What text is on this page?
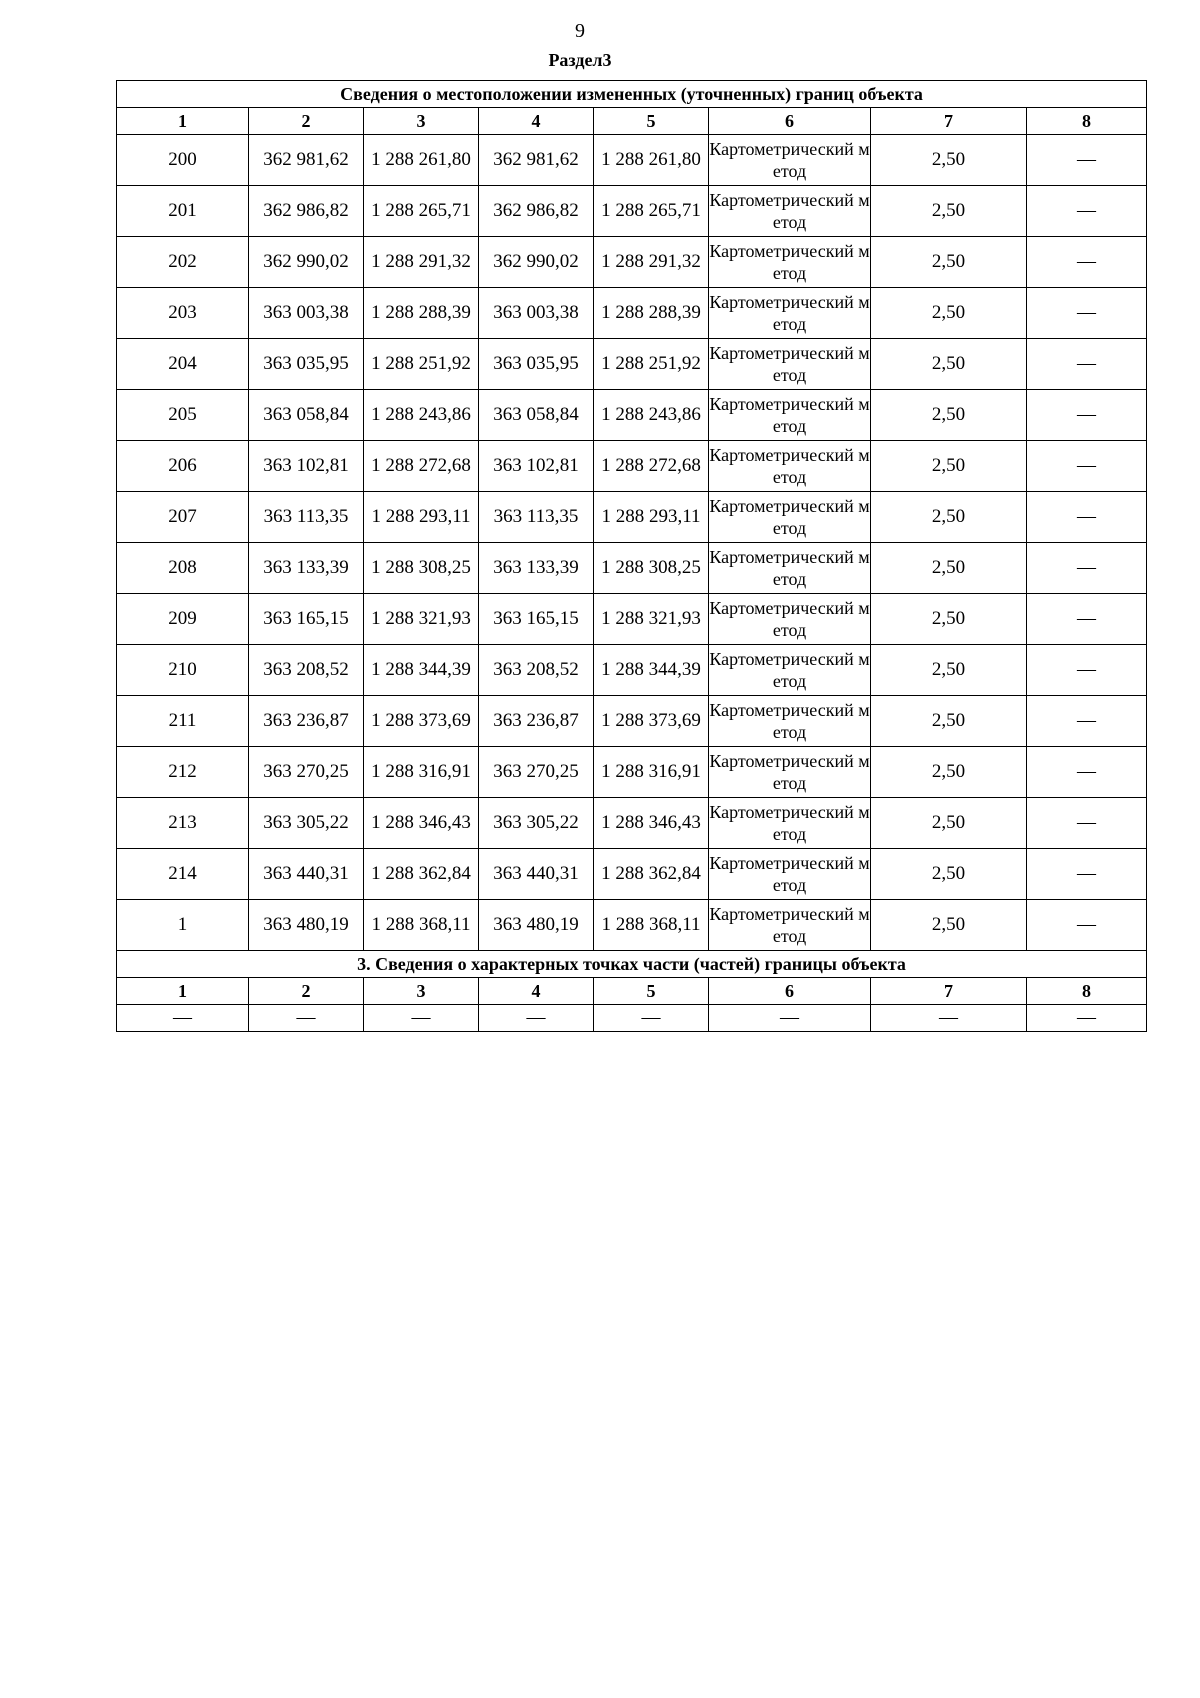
9
Раздел3
Сведения о местоположении измененных (уточненных) границ объекта							
1	2	3	4	5	6	7	8
200	362 981,62	1 288 261,80	362 981,62	1 288 261,80	Картометрический метод	2,50	—
201	362 986,82	1 288 265,71	362 986,82	1 288 265,71	Картометрический метод	2,50	—
202	362 990,02	1 288 291,32	362 990,02	1 288 291,32	Картометрический метод	2,50	—
203	363 003,38	1 288 288,39	363 003,38	1 288 288,39	Картометрический метод	2,50	—
204	363 035,95	1 288 251,92	363 035,95	1 288 251,92	Картометрический метод	2,50	—
205	363 058,84	1 288 243,86	363 058,84	1 288 243,86	Картометрический метод	2,50	—
206	363 102,81	1 288 272,68	363 102,81	1 288 272,68	Картометрический метод	2,50	—
207	363 113,35	1 288 293,11	363 113,35	1 288 293,11	Картометрический метод	2,50	—
208	363 133,39	1 288 308,25	363 133,39	1 288 308,25	Картометрический метод	2,50	—
209	363 165,15	1 288 321,93	363 165,15	1 288 321,93	Картометрический метод	2,50	—
210	363 208,52	1 288 344,39	363 208,52	1 288 344,39	Картометрический метод	2,50	—
211	363 236,87	1 288 373,69	363 236,87	1 288 373,69	Картометрический метод	2,50	—
212	363 270,25	1 288 316,91	363 270,25	1 288 316,91	Картометрический метод	2,50	—
213	363 305,22	1 288 346,43	363 305,22	1 288 346,43	Картометрический метод	2,50	—
214	363 440,31	1 288 362,84	363 440,31	1 288 362,84	Картометрический метод	2,50	—
1	363 480,19	1 288 368,11	363 480,19	1 288 368,11	Картометрический метод	2,50	—
3. Сведения о характерных точках части (частей) границы объекта							
1	2	3	4	5	6	7	8
—	—	—	—	—	—	—	—
